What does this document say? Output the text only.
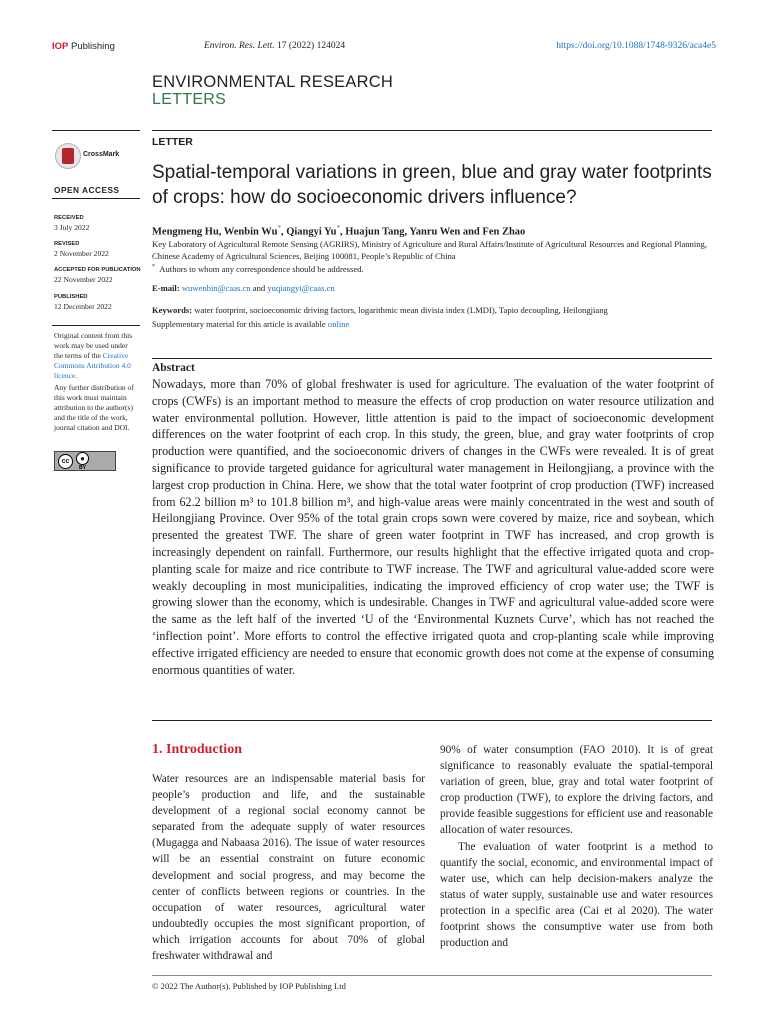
IOP Publishing	Environ. Res. Lett. 17 (2022) 124024	https://doi.org/10.1088/1748-9326/aca4e5
ENVIRONMENTAL RESEARCH
LETTERS
LETTER
Spatial-temporal variations in green, blue and gray water footprints of crops: how do socioeconomic drivers influence?
Mengmeng Hu, Wenbin Wu*, Qiangyi Yu*, Huajun Tang, Yanru Wen and Fen Zhao
Key Laboratory of Agricultural Remote Sensing (AGRIRS), Ministry of Agriculture and Rural Affairs/Institute of Agricultural Resources and Regional Planning, Chinese Academy of Agricultural Sciences, Beijing 100081, People’s Republic of China
* Authors to whom any correspondence should be addressed.
E-mail: wuwenbin@caas.cn and yuqiangyi@caas.cn
Keywords: water footprint, socioeconomic driving factors, logarithmic mean divisia index (LMDI), Tapio decoupling, Heilongjiang
Supplementary material for this article is available online
Abstract
Nowadays, more than 70% of global freshwater is used for agriculture. The evaluation of the water footprint of crops (CWFs) is an important method to measure the effects of crop production on water resource utilization and water environmental pollution. However, little attention is paid to the impact of socioeconomic development differences on the water footprint of each crop. In this study, the green, blue, and gray water footprints of crop production were quantified, and the socioeconomic drivers of changes in the CWFs were revealed. It is of great significance to provide targeted guidance for agricultural water management in Heilongjiang, a province with the largest crop production in China. Here, we show that the total water footprint of crop production (TWF) increased from 62.2 billion m³ to 101.8 billion m³, and high-value areas were mainly concentrated in the west and south of Heilongjiang Province. Over 95% of the total grain crops sown were covered by maize, rice and soybean, which presented the greatest TWF. The share of green water footprint in TWF has increased, and crop growth is increasingly dependent on rainfall. Furthermore, our results highlight that the effective irrigated quota and crop-planting scale for maize and rice contribute to TWF increase. The TWF and agricultural value-added score were weakly decoupling in most municipalities, indicating the improved efficiency of crop water use; the TWF is growing slower than the economy, which is undesirable. Changes in TWF and agricultural value-added score were the same as the left half of the inverted ‘U of the ‘Environmental Kuznets Curve’, which has not reached the ‘inflection point’. More efforts to control the effective irrigated quota and crop-planting scale while improving effective irrigated efficiency are needed to ensure that economic growth does not come at the expense of consuming enormous quantities of water.
CrossMark
OPEN ACCESS
RECEIVED
3 July 2022
REVISED
2 November 2022
ACCEPTED FOR PUBLICATION
22 November 2022
PUBLISHED
12 December 2022
Original content from this work may be used under the terms of the Creative Commons Attribution 4.0 licence.
Any further distribution of this work must maintain attribution to the author(s) and the title of the work, journal citation and DOI.
cc	●
BY
1. Introduction

Water resources are an indispensable material basis for people’s production and life, and the sustainable development of a regional social economy cannot be separated from the adequate supply of water resources (Mugagga and Nabaasa 2016). The issue of water resources will be an essential constraint on future economic development and social progress, and may become the center of conflicts between regions or countries. In the occupation of water resources, agricultural water undoubtedly occupies the most significant proportion, of which irrigation accounts for about 70% of global freshwater withdrawal and

90% of water consumption (FAO 2010). It is of great significance to reasonably evaluate the spatial-temporal variation of green, blue, gray and total water footprint of crop production (TWF), to explore the driving factors, and provide feasible suggestions for efficient use and reasonable allocation of water resources.

The evaluation of water footprint is a method to quantify the social, economic, and environmental impact of water use, which can help decision-makers analyze the status of water supply, sustainable use and water resources protection in a specific area (Cai et al 2020). The water footprint shows the consumptive water use from both production and

© 2022 The Author(s). Published by IOP Publishing Ltd
